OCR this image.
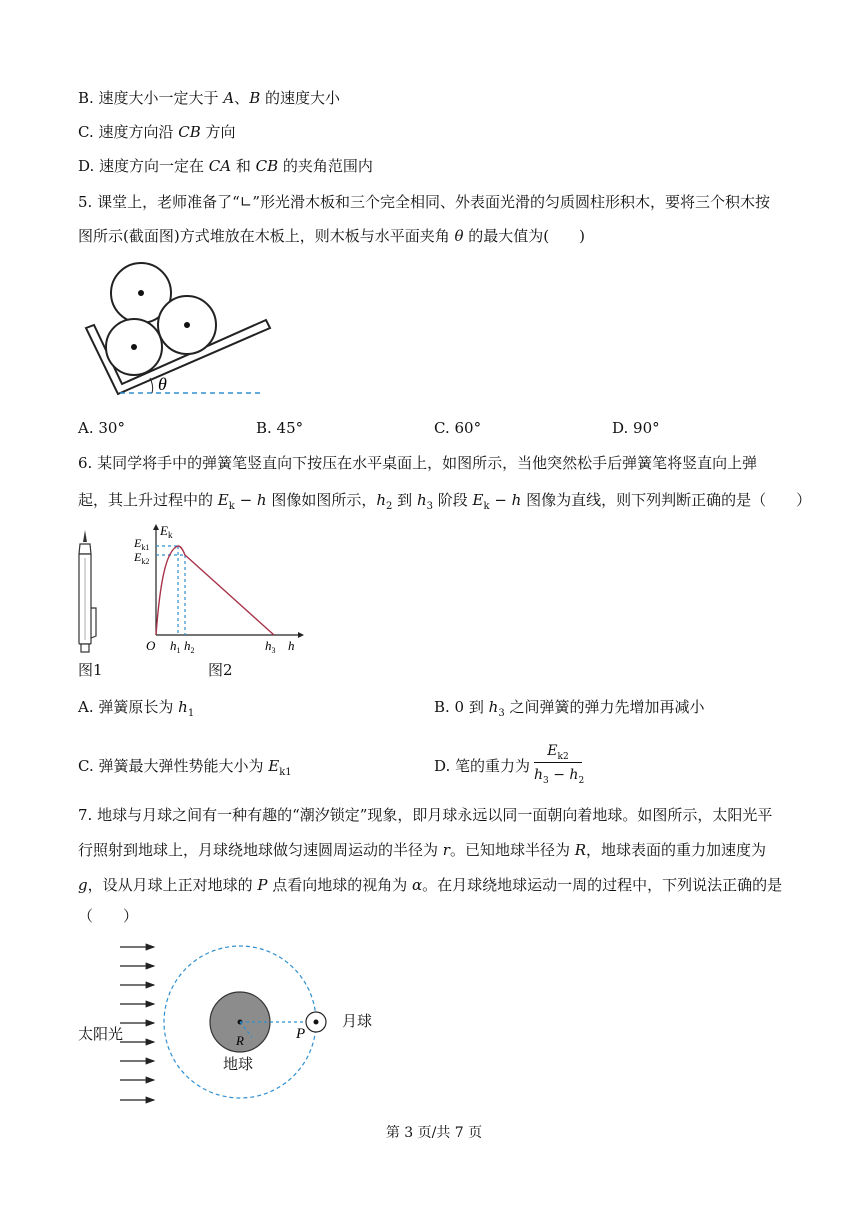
B. 速度大小一定大于 A、B 的速度大小
C. 速度方向沿 CB 方向
D. 速度方向一定在 CA 和 CB 的夹角范围内
5. 课堂上，老师准备了“∟”形光滑木板和三个完全相同、外表面光滑的匀质圆柱形积木，要将三个积木按
图所示(截面图)方式堆放在木板上，则木板与水平面夹角 θ 的最大值为(　　)
θ
A. 30°	B. 45°	C. 60°	D. 90°
6. 某同学将手中的弹簧笔竖直向下按压在水平桌面上，如图所示，当他突然松手后弹簧笔将竖直向上弹
起，其上升过程中的 $E_k - h$ 图像如图所示，$h_2$ 到 $h_3$ 阶段 $E_k - h$ 图像为直线，则下列判断正确的是（　　）
$E_k$
$E_{k1}$
$E_{k2}$
O $h_1$ $h_2$	$h_3$ h
图1	图2
A. 弹簧原长为 $h_1$	B. 0 到 $h_3$ 之间弹簧的弹力先增加再减小
C. 弹簧最大弹性势能大小为 $E_{k1}$	D. 笔的重力为
$E_{k2}$
$h_3 - h_2$
7. 地球与月球之间有一种有趣的“潮汐锁定”现象，即月球永远以同一面朝向着地球。如图所示，太阳光平
行照射到地球上，月球绕地球做匀速圆周运动的半径为 r。已知地球半径为 R，地球表面的重力加速度为
g，设从月球上正对地球的 P 点看向地球的视角为 α。在月球绕地球运动一周的过程中，下列说法正确的是
（　　）
R	P
太阳光
地球
月球
第 3 页/共 7 页
